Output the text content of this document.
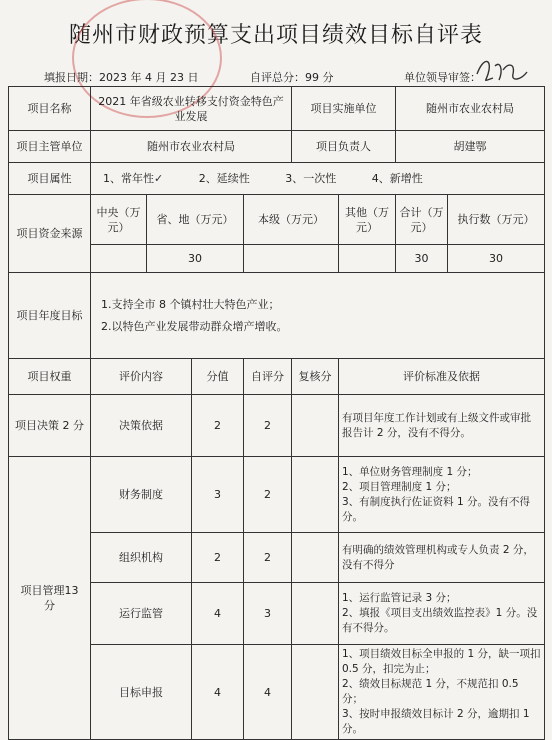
随州市财政预算支出项目绩效目标自评表
填报日期：2023 年 4 月 23 日	自评总分：99 分	单位领导审签：
项目名称	2021 年省级农业转移支付资金特色产业发展				项目实施单位		随州市农业农村局		
项目主管单位	随州市农业农村局				项目负责人		胡建鄂		
项目属性	1、常年性✓ 2、延续性 3、一次性 4、新增性								
项目资金来源	中央（万元）	省、地（万元）		本级（万元）		其他（万元）	合计（万元）	执行数（万元）	
		30					30	30	
项目年度目标	1.支持全市 8 个镇村壮大特色产业；
2.以特色产业发展带动群众增产增收。								

项目权重	评价内容		分值	自评分	复核分	评价标准及依据			
项目决策 2 分	决策依据		2	2		有项目年度工作计划或有上级文件或审批报告计 2 分，没有不得分。			

项目管理13 分	财务制度		3	2		1、单位财务管理制度 1 分；
2、项目管理制度 1 分；
3、有制度执行佐证资料 1 分。没有不得分。			

	组织机构		2	2		有明确的绩效管理机构或专人负责 2 分，没有不得分			
	运行监管		4	3		1、运行监管记录 3 分；
2、填报《项目支出绩效监控表》1 分。没有不得分。			

	目标申报		4	4		1、项目绩效目标全申报的 1 分，缺一项扣 0.5 分，扣完为止；
2、绩效目标规范 1 分，不规范扣 0.5 分；
3、按时申报绩效目标计 2 分，逾期扣 1 分。			
